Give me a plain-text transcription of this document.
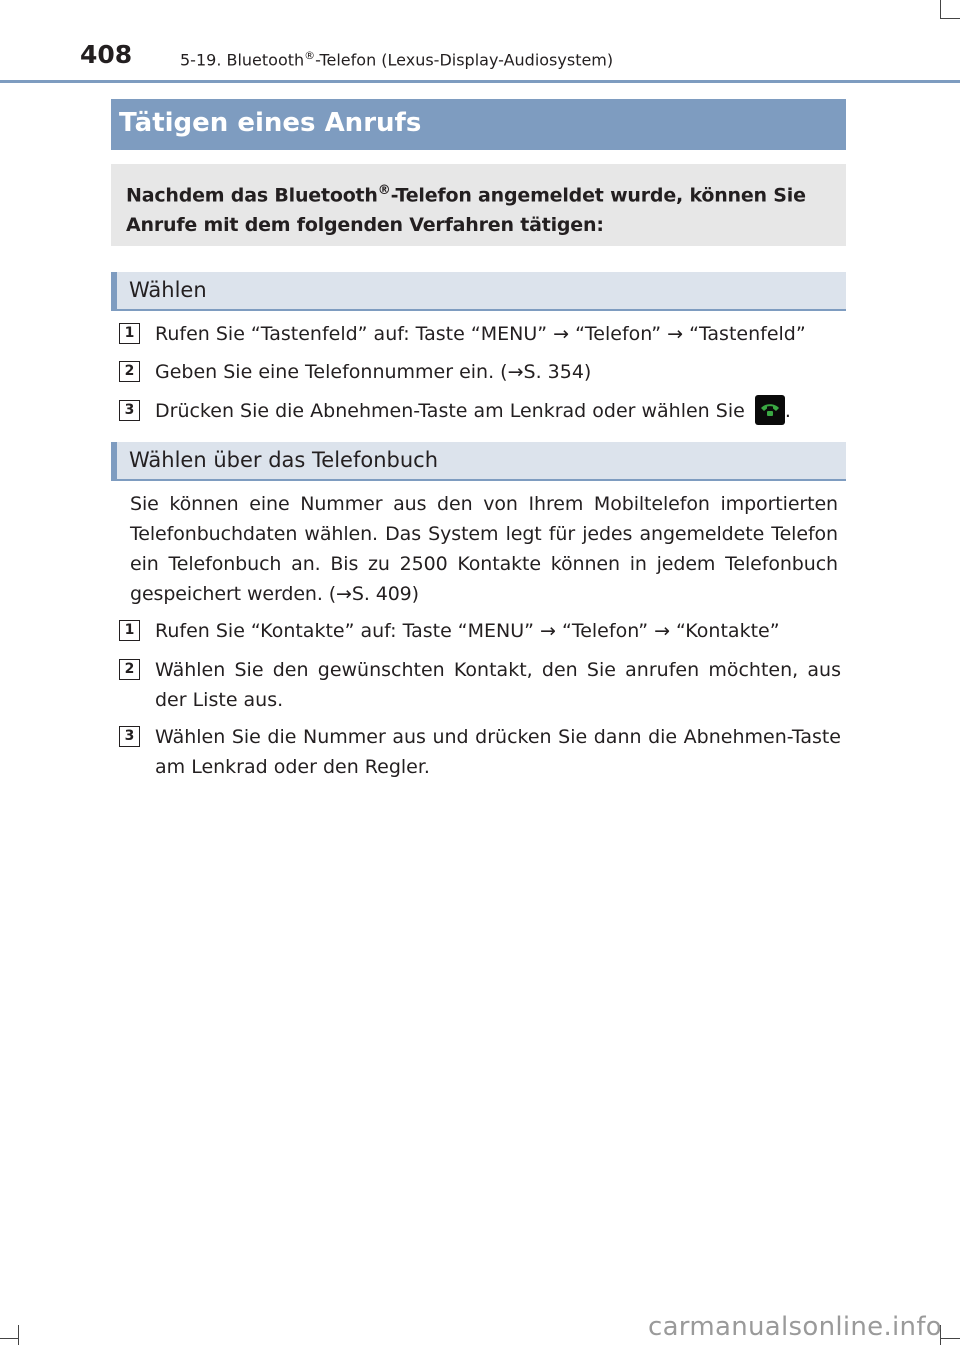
408	5-19. Bluetooth®-Telefon (Lexus-Display-Audiosystem)
Tätigen eines Anrufs
Nachdem das Bluetooth®-Telefon angemeldet wurde, können Sie Anrufe mit dem folgenden Verfahren tätigen:
Wählen
1 Rufen Sie “Tastenfeld” auf: Taste “MENU” → “Telefon” → “Tastenfeld”
2 Geben Sie eine Telefonnummer ein. (→S. 354)
3 Drücken Sie die Abnehmen-Taste am Lenkrad oder wählen Sie .
Wählen über das Telefonbuch
Sie können eine Nummer aus den von Ihrem Mobiltelefon importierten Telefonbuchdaten wählen. Das System legt für jedes angemeldete Telefon ein Telefonbuch an. Bis zu 2500 Kontakte können in jedem Telefonbuch gespeichert werden. (→S. 409)
1 Rufen Sie “Kontakte” auf: Taste “MENU” → “Telefon” → “Kontakte”
2 Wählen Sie den gewünschten Kontakt, den Sie anrufen möchten, aus der Liste aus.
3 Wählen Sie die Nummer aus und drücken Sie dann die Abnehmen-Taste am Lenkrad oder den Regler.
carmanualsonline.info
